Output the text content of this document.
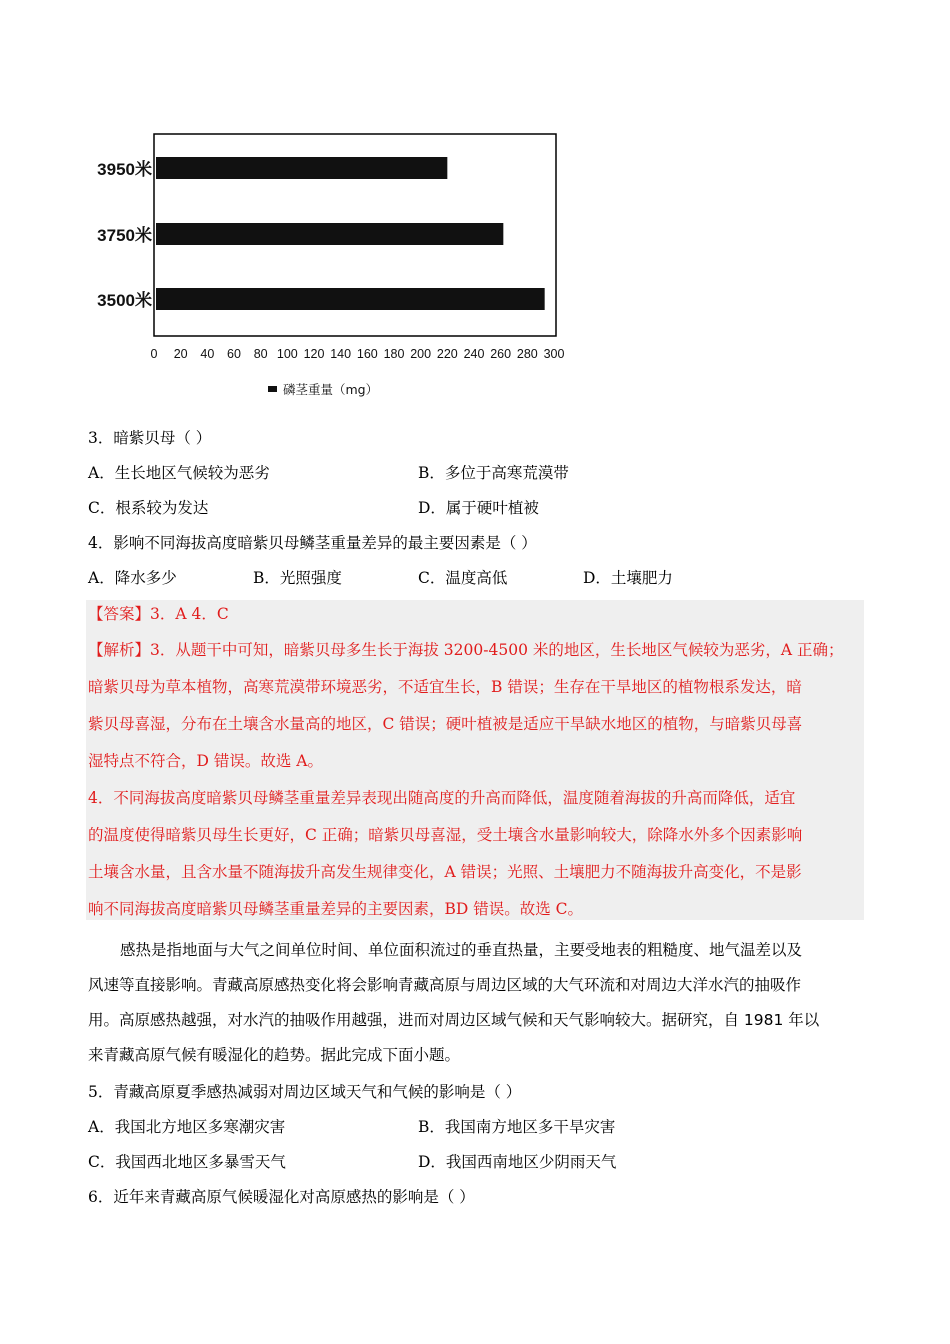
3950米
3750米
3500米
0 20 40 60 80 100 120 140 160 180 200 220 240 260 280 300
磷茎重量（mg）
3．暗紫贝母（ ）
A．生长地区气候较为恶劣	B．多位于高寒荒漠带
C．根系较为发达	D．属于硬叶植被
4．影响不同海拔高度暗紫贝母鳞茎重量差异的最主要因素是（ ）
A．降水多少	B．光照强度	C．温度高低	D．土壤肥力
【答案】3．A 4．C
【解析】3．从题干中可知，暗紫贝母多生长于海拔 3200-4500 米的地区，生长地区气候较为恶劣，A 正确；
暗紫贝母为草本植物，高寒荒漠带环境恶劣，不适宜生长，B 错误；生存在干旱地区的植物根系发达，暗
紫贝母喜湿，分布在土壤含水量高的地区，C 错误；硬叶植被是适应干旱缺水地区的植物，与暗紫贝母喜
湿特点不符合，D 错误。故选 A。
4．不同海拔高度暗紫贝母鳞茎重量差异表现出随高度的升高而降低，温度随着海拔的升高而降低，适宜
的温度使得暗紫贝母生长更好，C 正确；暗紫贝母喜湿，受土壤含水量影响较大，除降水外多个因素影响
土壤含水量，且含水量不随海拔升高发生规律变化，A 错误；光照、土壤肥力不随海拔升高变化，不是影
响不同海拔高度暗紫贝母鳞茎重量差异的主要因素，BD 错误。故选 C。
感热是指地面与大气之间单位时间、单位面积流过的垂直热量，主要受地表的粗糙度、地气温差以及
风速等直接影响。青藏高原感热变化将会影响青藏高原与周边区域的大气环流和对周边大洋水汽的抽吸作
用。高原感热越强，对水汽的抽吸作用越强，进而对周边区域气候和天气影响较大。据研究，自 1981 年以
来青藏高原气候有暖湿化的趋势。据此完成下面小题。
5．青藏高原夏季感热减弱对周边区域天气和气候的影响是（ ）
A．我国北方地区多寒潮灾害	B．我国南方地区多干旱灾害
C．我国西北地区多暴雪天气	D．我国西南地区少阴雨天气
6．近年来青藏高原气候暖湿化对高原感热的影响是（ ）
